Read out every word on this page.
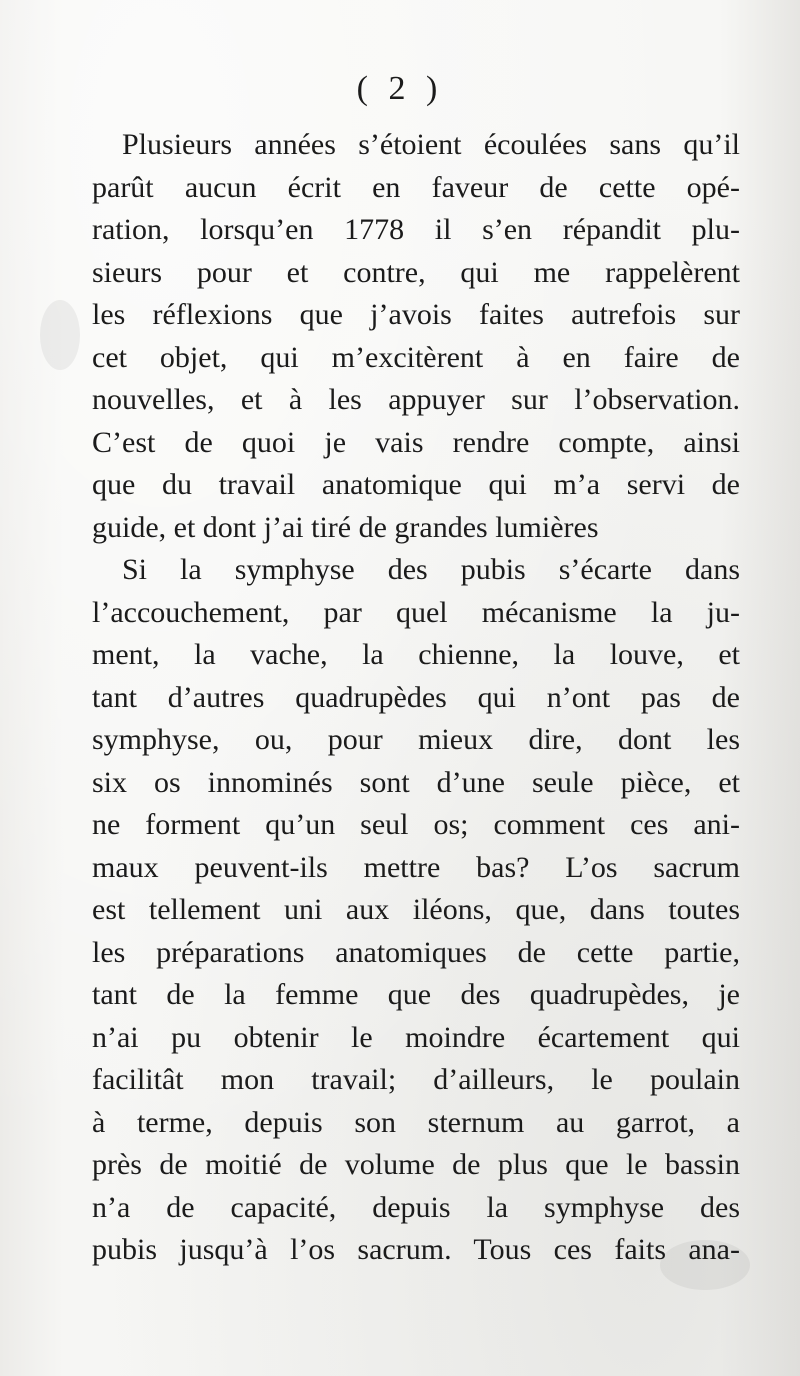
( 2 )
Plusieurs années s’étoient écoulées sans qu’il
parût aucun écrit en faveur de cette opé-
ration, lorsqu’en 1778 il s’en répandit plu-
sieurs pour et contre, qui me rappelèrent
les réflexions que j’avois faites autrefois sur
cet objet, qui m’excitèrent à en faire de
nouvelles, et à les appuyer sur l’observation.
C’est de quoi je vais rendre compte, ainsi
que du travail anatomique qui m’a servi de
guide, et dont j’ai tiré de grandes lumières
Si la symphyse des pubis s’écarte dans
l’accouchement, par quel mécanisme la ju-
ment, la vache, la chienne, la louve, et
tant d’autres quadrupèdes qui n’ont pas de
symphyse, ou, pour mieux dire, dont les
six os innominés sont d’une seule pièce, et
ne forment qu’un seul os; comment ces ani-
maux peuvent-ils mettre bas? L’os sacrum
est tellement uni aux iléons, que, dans toutes
les préparations anatomiques de cette partie,
tant de la femme que des quadrupèdes, je
n’ai pu obtenir le moindre écartement qui
facilitât mon travail; d’ailleurs, le poulain
à terme, depuis son sternum au garrot, a
près de moitié de volume de plus que le bassin
n’a de capacité, depuis la symphyse des
pubis jusqu’à l’os sacrum. Tous ces faits ana-
